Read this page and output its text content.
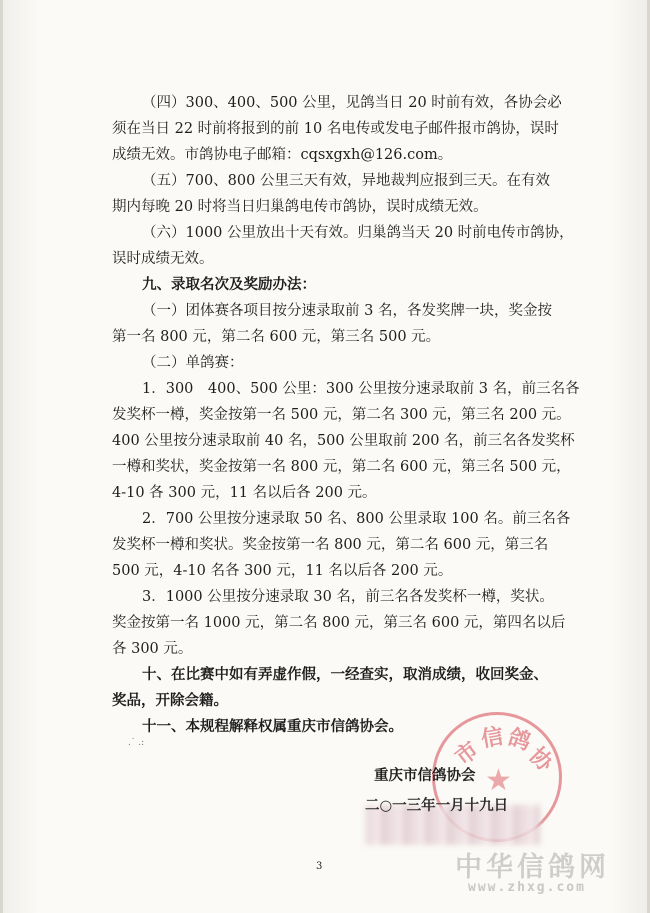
（四）300、400、500 公里，见鸽当日 20 时前有效，各协会必
须在当日 22 时前将报到的前 10 名电传或发电子邮件报市鸽协，误时
成绩无效。市鸽协电子邮箱：cqsxgxh@126.com。
（五）700、800 公里三天有效，异地裁判应报到三天。在有效
期内每晚 20 时将当日归巢鸽电传市鸽协，误时成绩无效。
（六）1000 公里放出十天有效。归巢鸽当天 20 时前电传市鸽协，
误时成绩无效。
九、录取名次及奖励办法：
（一）团体赛各项目按分速录取前 3 名，各发奖牌一块，奖金按
第一名 800 元，第二名 600 元，第三名 500 元。
（二）单鸽赛：
1．300　400、500 公里：300 公里按分速录取前 3 名，前三名各
发奖杯一樽，奖金按第一名 500 元，第二名 300 元，第三名 200 元。
400 公里按分速录取前 40 名，500 公里取前 200 名，前三名各发奖杯
一樽和奖状，奖金按第一名 800 元，第二名 600 元，第三名 500 元，
4-10 各 300 元，11 名以后各 200 元。
2．700 公里按分速录取 50 名、800 公里录取 100 名。前三名各
发奖杯一樽和奖状。奖金按第一名 800 元，第二名 600 元，第三名
500 元，4-10 名各 300 元，11 名以后各 200 元。
3．1000 公里按分速录取 30 名，前三名各发奖杯一樽，奖状。
奖金按第一名 1000 元，第二名 800 元，第三名 600 元，第四名以后
各 300 元。
十、在比赛中如有弄虚作假，一经查实，取消成绩，收回奖金、
奖品，开除会籍。
十一、本规程解释权属重庆市信鸽协会。
.˙ .:	市
信 鸽
协
★
重庆市信鸽协会
二○一三年一月十九日
3	中华信鸽网
www.zhxg.com
